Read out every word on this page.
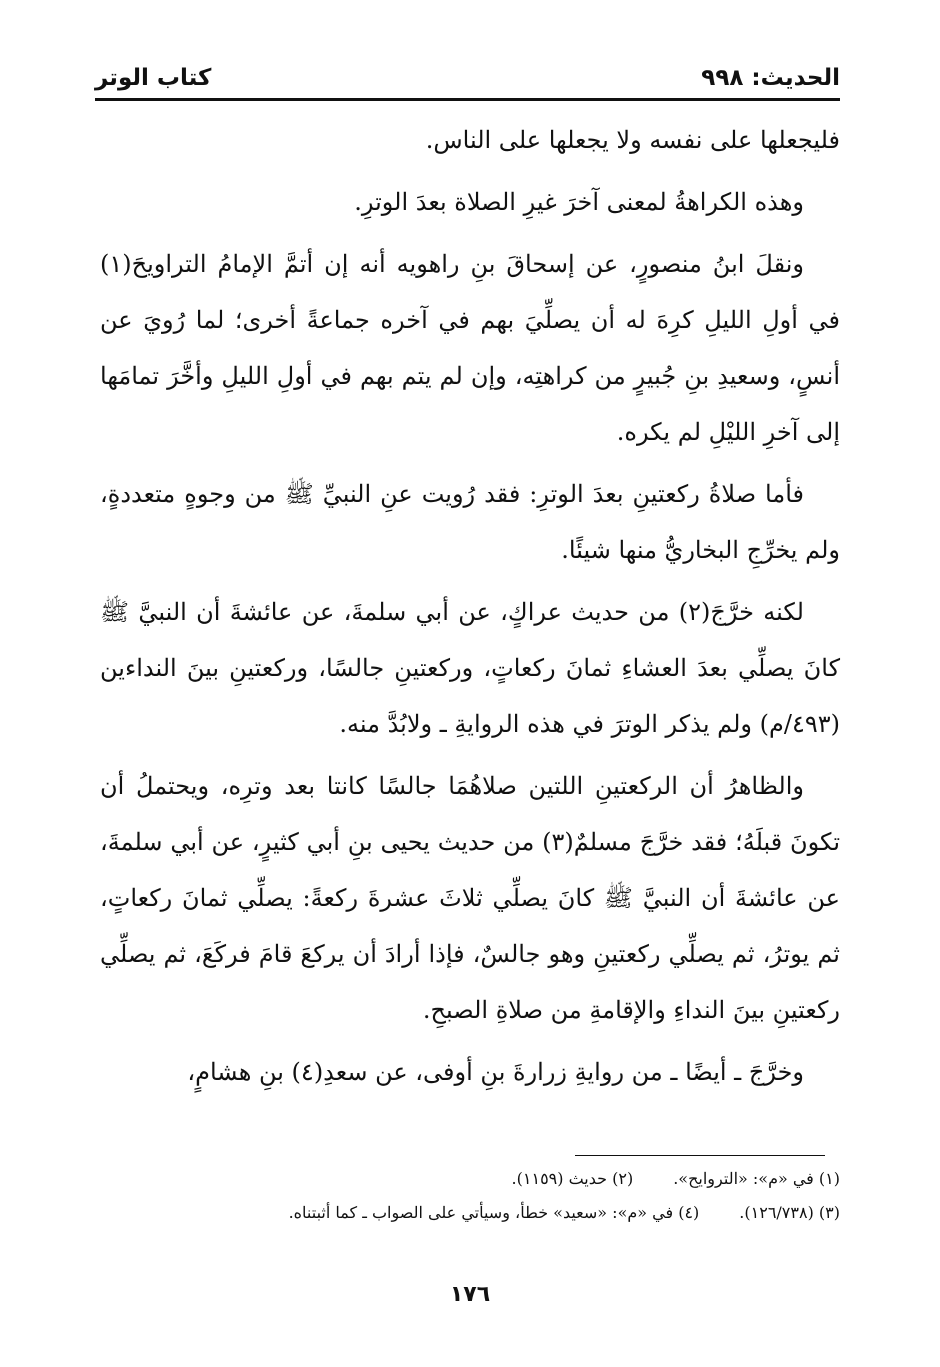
الحديث: ٩٩٨
كتاب الوتر

فليجعلها على نفسه ولا يجعلها على الناس.

وهذه الكراهةُ لمعنى آخرَ غيرِ الصلاة بعدَ الوترِ.

ونقلَ ابنُ منصورٍ، عن إسحاقَ بنِ راهويه أنه إن أتمَّ الإمامُ التراويحَ(١) في أولِ الليلِ كرِهَ له أن يصلِّيَ بهم في آخره جماعةً أخرى؛ لما رُويَ عن أنسٍ، وسعيدِ بنِ جُبيرٍ من كراهتِه، وإن لم يتم بهم في أولِ الليلِ وأخَّرَ تمامَها إلى آخرِ الليْلِ لم يكره.

فأما صلاةُ ركعتينِ بعدَ الوترِ: فقد رُويت عنِ النبيِّ ﷺ من وجوهٍ متعددةٍ، ولم يخرِّجِ البخاريُّ منها شيئًا.

لكنه خرَّجَ(٢) من حديث عراكٍ، عن أبي سلمةَ، عن عائشةَ أن النبيَّ ﷺ كانَ يصلِّي بعدَ العشاءِ ثمانَ ركعاتٍ، وركعتينِ جالسًا، وركعتينِ بينَ النداءين (٤٩٣/م) ولم يذكر الوترَ في هذه الروايةِ ـ ولابُدَّ منه.

والظاهرُ أن الركعتينِ اللتين صلاهُمَا جالسًا كانتا بعد وترِه، ويحتملُ أن تكونَ قبلَهُ؛ فقد خرَّجَ مسلمٌ(٣) من حديث يحيى بنِ أبي كثيرٍ، عن أبي سلمةَ، عن عائشةَ أن النبيَّ ﷺ كانَ يصلِّي ثلاثَ عشرةَ ركعةً: يصلِّي ثمانَ ركعاتٍ، ثم يوترُ، ثم يصلِّي ركعتينِ وهو جالسٌ، فإذا أرادَ أن يركعَ قامَ فركَعَ، ثم يصلِّي ركعتينِ بينَ النداءِ والإقامةِ من صلاةِ الصبحِ.

وخرَّجَ ـ أيضًا ـ من روايةِ زرارةَ بنِ أوفى، عن سعدِ(٤) بنِ هشامٍ،

(١) في «م»: «التروايح».
(٢) حديث (١١٥٩).
(٣) (١٢٦/٧٣٨).
(٤) في «م»: «سعيد» خطأ، وسيأتي على الصواب ـ كما أثبتناه.
١٧٦
